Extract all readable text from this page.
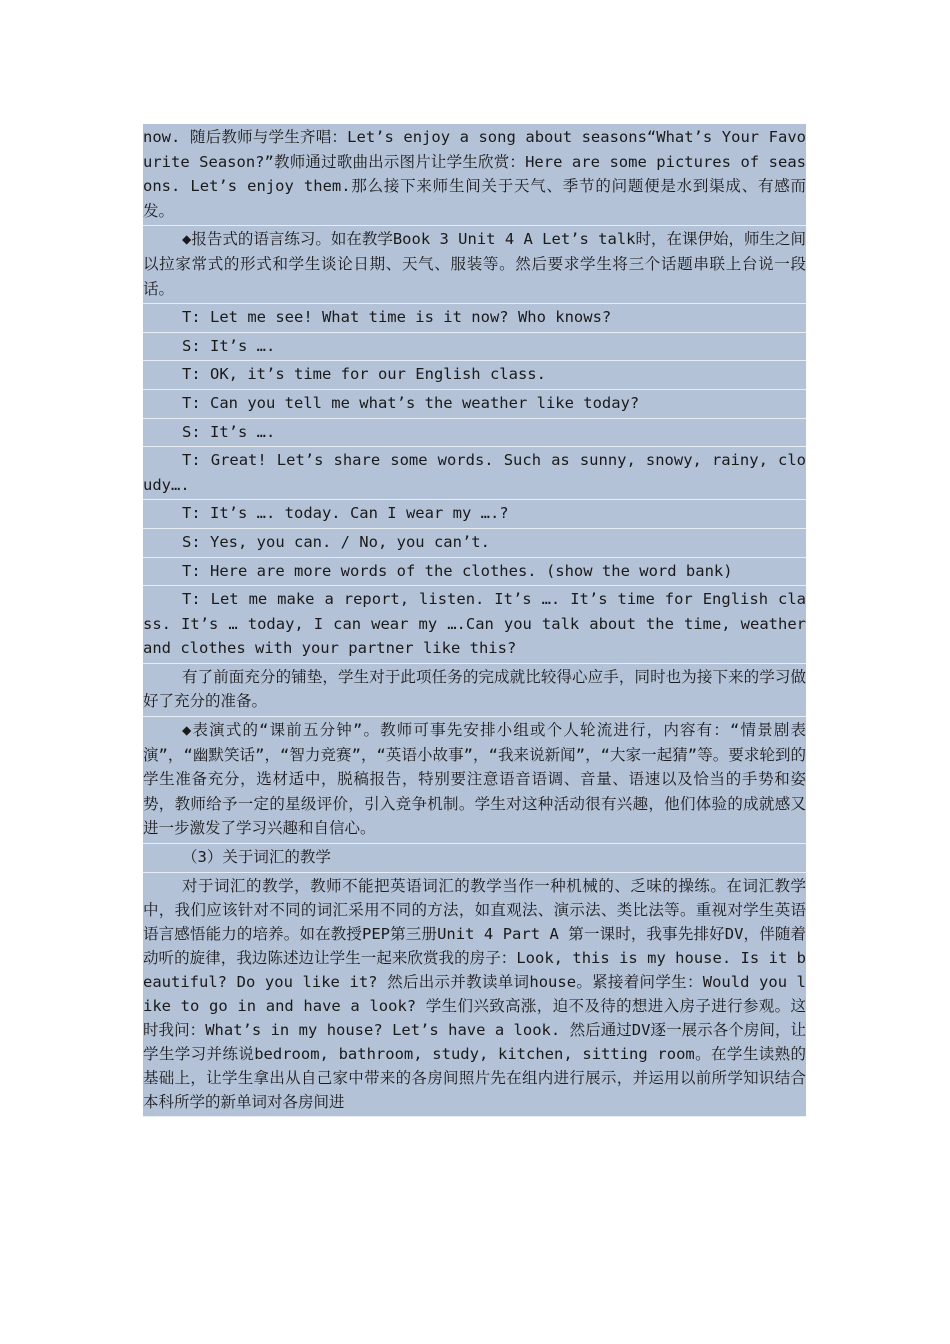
now. 随后教师与学生齐唱：Let’s enjoy a song about seasons“What’s Your Favourite Season?”教师通过歌曲出示图片让学生欣赏：Here are some pictures of seasons. Let’s enjoy them.那么接下来师生间关于天气、季节的问题便是水到渠成、有感而发。

◆报告式的语言练习。如在教学Book 3 Unit 4 A Let’s talk时，在课伊始，师生之间以拉家常式的形式和学生谈论日期、天气、服装等。然后要求学生将三个话题串联上台说一段话。

T: Let me see! What time is it now? Who knows?

S: It’s ….

T: OK, it’s time for our English class.

T: Can you tell me what’s the weather like today?

S: It’s ….

T: Great! Let’s share some words. Such as sunny, snowy, rainy, cloudy….

T: It’s …. today. Can I wear my ….?

S: Yes, you can. / No, you can’t.

T: Here are more words of the clothes. (show the word bank)

T: Let me make a report, listen. It’s …. It’s time for English class. It’s … today, I can wear my ….Can you talk about the time, weather and clothes with your partner like this?

有了前面充分的铺垫，学生对于此项任务的完成就比较得心应手，同时也为接下来的学习做好了充分的准备。

◆表演式的“课前五分钟”。教师可事先安排小组或个人轮流进行，内容有：“情景剧表演”，“幽默笑话”，“智力竞赛”，“英语小故事”，“我来说新闻”，“大家一起猜”等。要求轮到的学生准备充分，选材适中，脱稿报告，特别要注意语音语调、音量、语速以及恰当的手势和姿势，教师给予一定的星级评价，引入竞争机制。学生对这种活动很有兴趣，他们体验的成就感又进一步激发了学习兴趣和自信心。

（3）关于词汇的教学

对于词汇的教学，教师不能把英语词汇的教学当作一种机械的、乏味的操练。在词汇教学中，我们应该针对不同的词汇采用不同的方法，如直观法、演示法、类比法等。重视对学生英语语言感悟能力的培养。如在教授PEP第三册Unit 4 Part A 第一课时，我事先排好DV，伴随着动听的旋律，我边陈述边让学生一起来欣赏我的房子：Look, this is my house. Is it beautiful? Do you like it? 然后出示并教读单词house。紧接着问学生：Would you like to go in and have a look? 学生们兴致高涨，迫不及待的想进入房子进行参观。这时我问：What’s in my house? Let’s have a look. 然后通过DV逐一展示各个房间，让学生学习并练说bedroom, bathroom, study, kitchen, sitting room。在学生读熟的基础上，让学生拿出从自己家中带来的各房间照片先在组内进行展示，并运用以前所学知识结合本科所学的新单词对各房间进
